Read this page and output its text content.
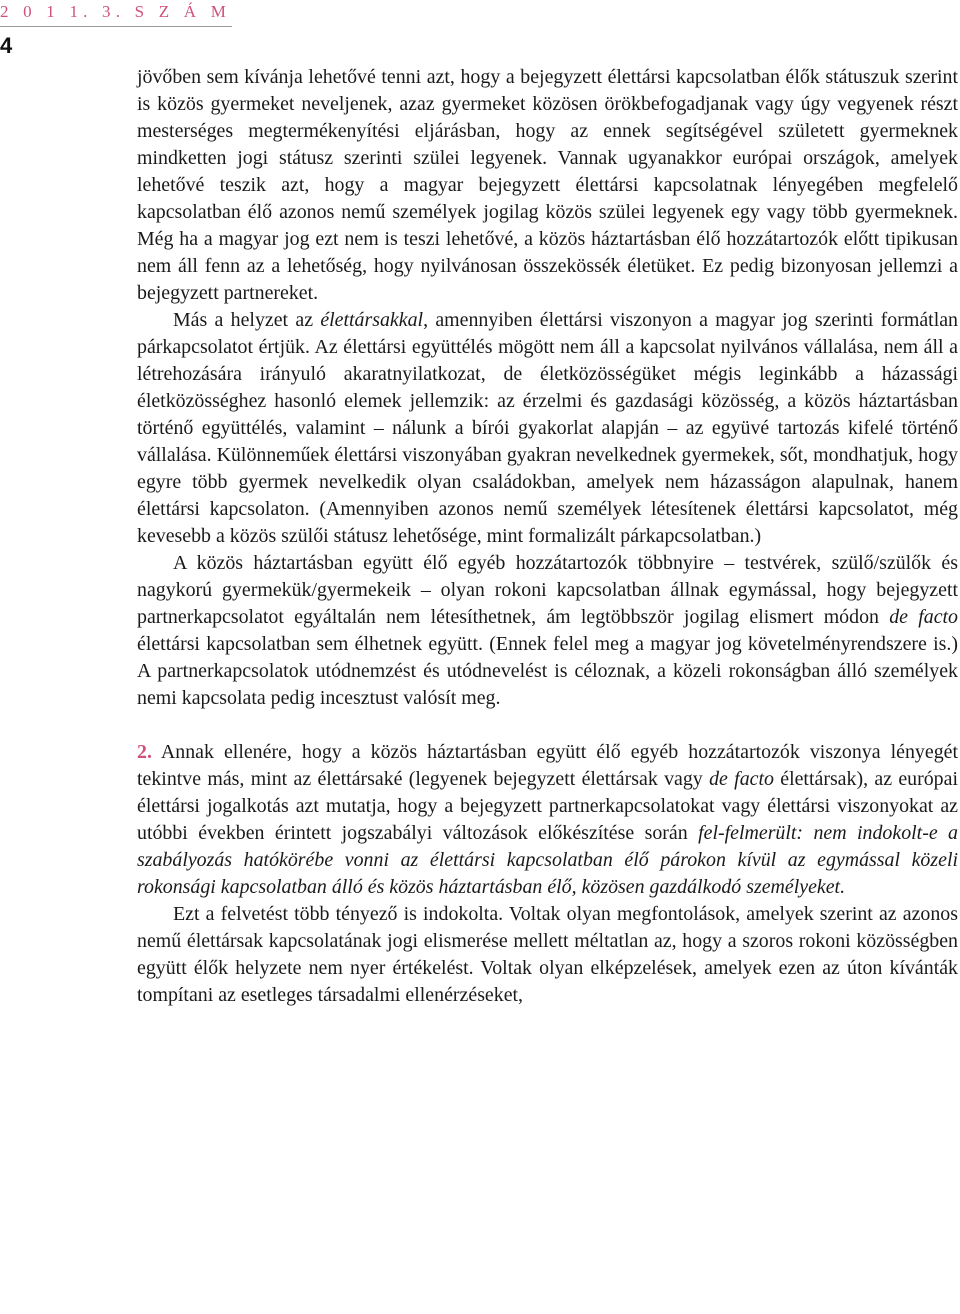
2 0 1 1. 3. S Z Á M
4

jövőben sem kívánja lehetővé tenni azt, hogy a bejegyzett élettársi kapcsolatban élők státuszuk szerint is közös gyermeket neveljenek, azaz gyermeket közösen örökbefogadjanak vagy úgy vegyenek részt mesterséges megtermékenyítési eljárásban, hogy az ennek segítségével született gyermeknek mindketten jogi státusz szerinti szülei legyenek. Vannak ugyanakkor európai országok, amelyek lehetővé teszik azt, hogy a magyar bejegyzett élettársi kapcsolatnak lényegében megfelelő kapcsolatban élő azonos nemű személyek jogilag közös szülei legyenek egy vagy több gyermeknek. Még ha a magyar jog ezt nem is teszi lehetővé, a közös háztartásban élő hozzátartozók előtt tipikusan nem áll fenn az a lehetőség, hogy nyilvánosan összekössék életüket. Ez pedig bizonyosan jellemzi a bejegyzett partnereket.

Más a helyzet az élettársakkal, amennyiben élettársi viszonyon a magyar jog szerinti formátlan párkapcsolatot értjük. Az élettársi együttélés mögött nem áll a kapcsolat nyilvános vállalása, nem áll a létrehozására irányuló akaratnyilatkozat, de életközösségüket mégis leginkább a házassági életközösséghez hasonló elemek jellemzik: az érzelmi és gazdasági közösség, a közös háztartásban történő együttélés, valamint – nálunk a bírói gyakorlat alapján – az együvé tartozás kifelé történő vállalása. Különneműek élettársi viszonyában gyakran nevelkednek gyermekek, sőt, mondhatjuk, hogy egyre több gyermek nevelkedik olyan családokban, amelyek nem házasságon alapulnak, hanem élettársi kapcsolaton. (Amennyiben azonos nemű személyek létesítenek élettársi kapcsolatot, még kevesebb a közös szülői státusz lehetősége, mint formalizált párkapcsolatban.)

A közös háztartásban együtt élő egyéb hozzátartozók többnyire – testvérek, szülő/szülők és nagykorú gyermekük/gyermekeik – olyan rokoni kapcsolatban állnak egymással, hogy bejegyzett partnerkapcsolatot egyáltalán nem létesíthetnek, ám legtöbbször jogilag elismert módon de facto élettársi kapcsolatban sem élhetnek együtt. (Ennek felel meg a magyar jog követelményrendszere is.) A partnerkapcsolatok utódnemzést és utódnevelést is céloznak, a közeli rokonságban álló személyek nemi kapcsolata pedig incesztust valósít meg.

2. Annak ellenére, hogy a közös háztartásban együtt élő egyéb hozzátartozók viszonya lényegét tekintve más, mint az élettársaké (legyenek bejegyzett élettársak vagy de facto élettársak), az európai élettársi jogalkotás azt mutatja, hogy a bejegyzett partnerkapcsolatokat vagy élettársi viszonyokat az utóbbi években érintett jogszabályi változások előkészítése során fel-felmerült: nem indokolt-e a szabályozás hatókörébe vonni az élettársi kapcsolatban élő párokon kívül az egymással közeli rokonsági kapcsolatban álló és közös háztartásban élő, közösen gazdálkodó személyeket.

Ezt a felvetést több tényező is indokolta. Voltak olyan megfontolások, amelyek szerint az azonos nemű élettársak kapcsolatának jogi elismerése mellett méltatlan az, hogy a szoros rokoni közösségben együtt élők helyzete nem nyer értékelést. Voltak olyan elképzelések, amelyek ezen az úton kívánták tompítani az esetleges társadalmi ellenérzéseket,
